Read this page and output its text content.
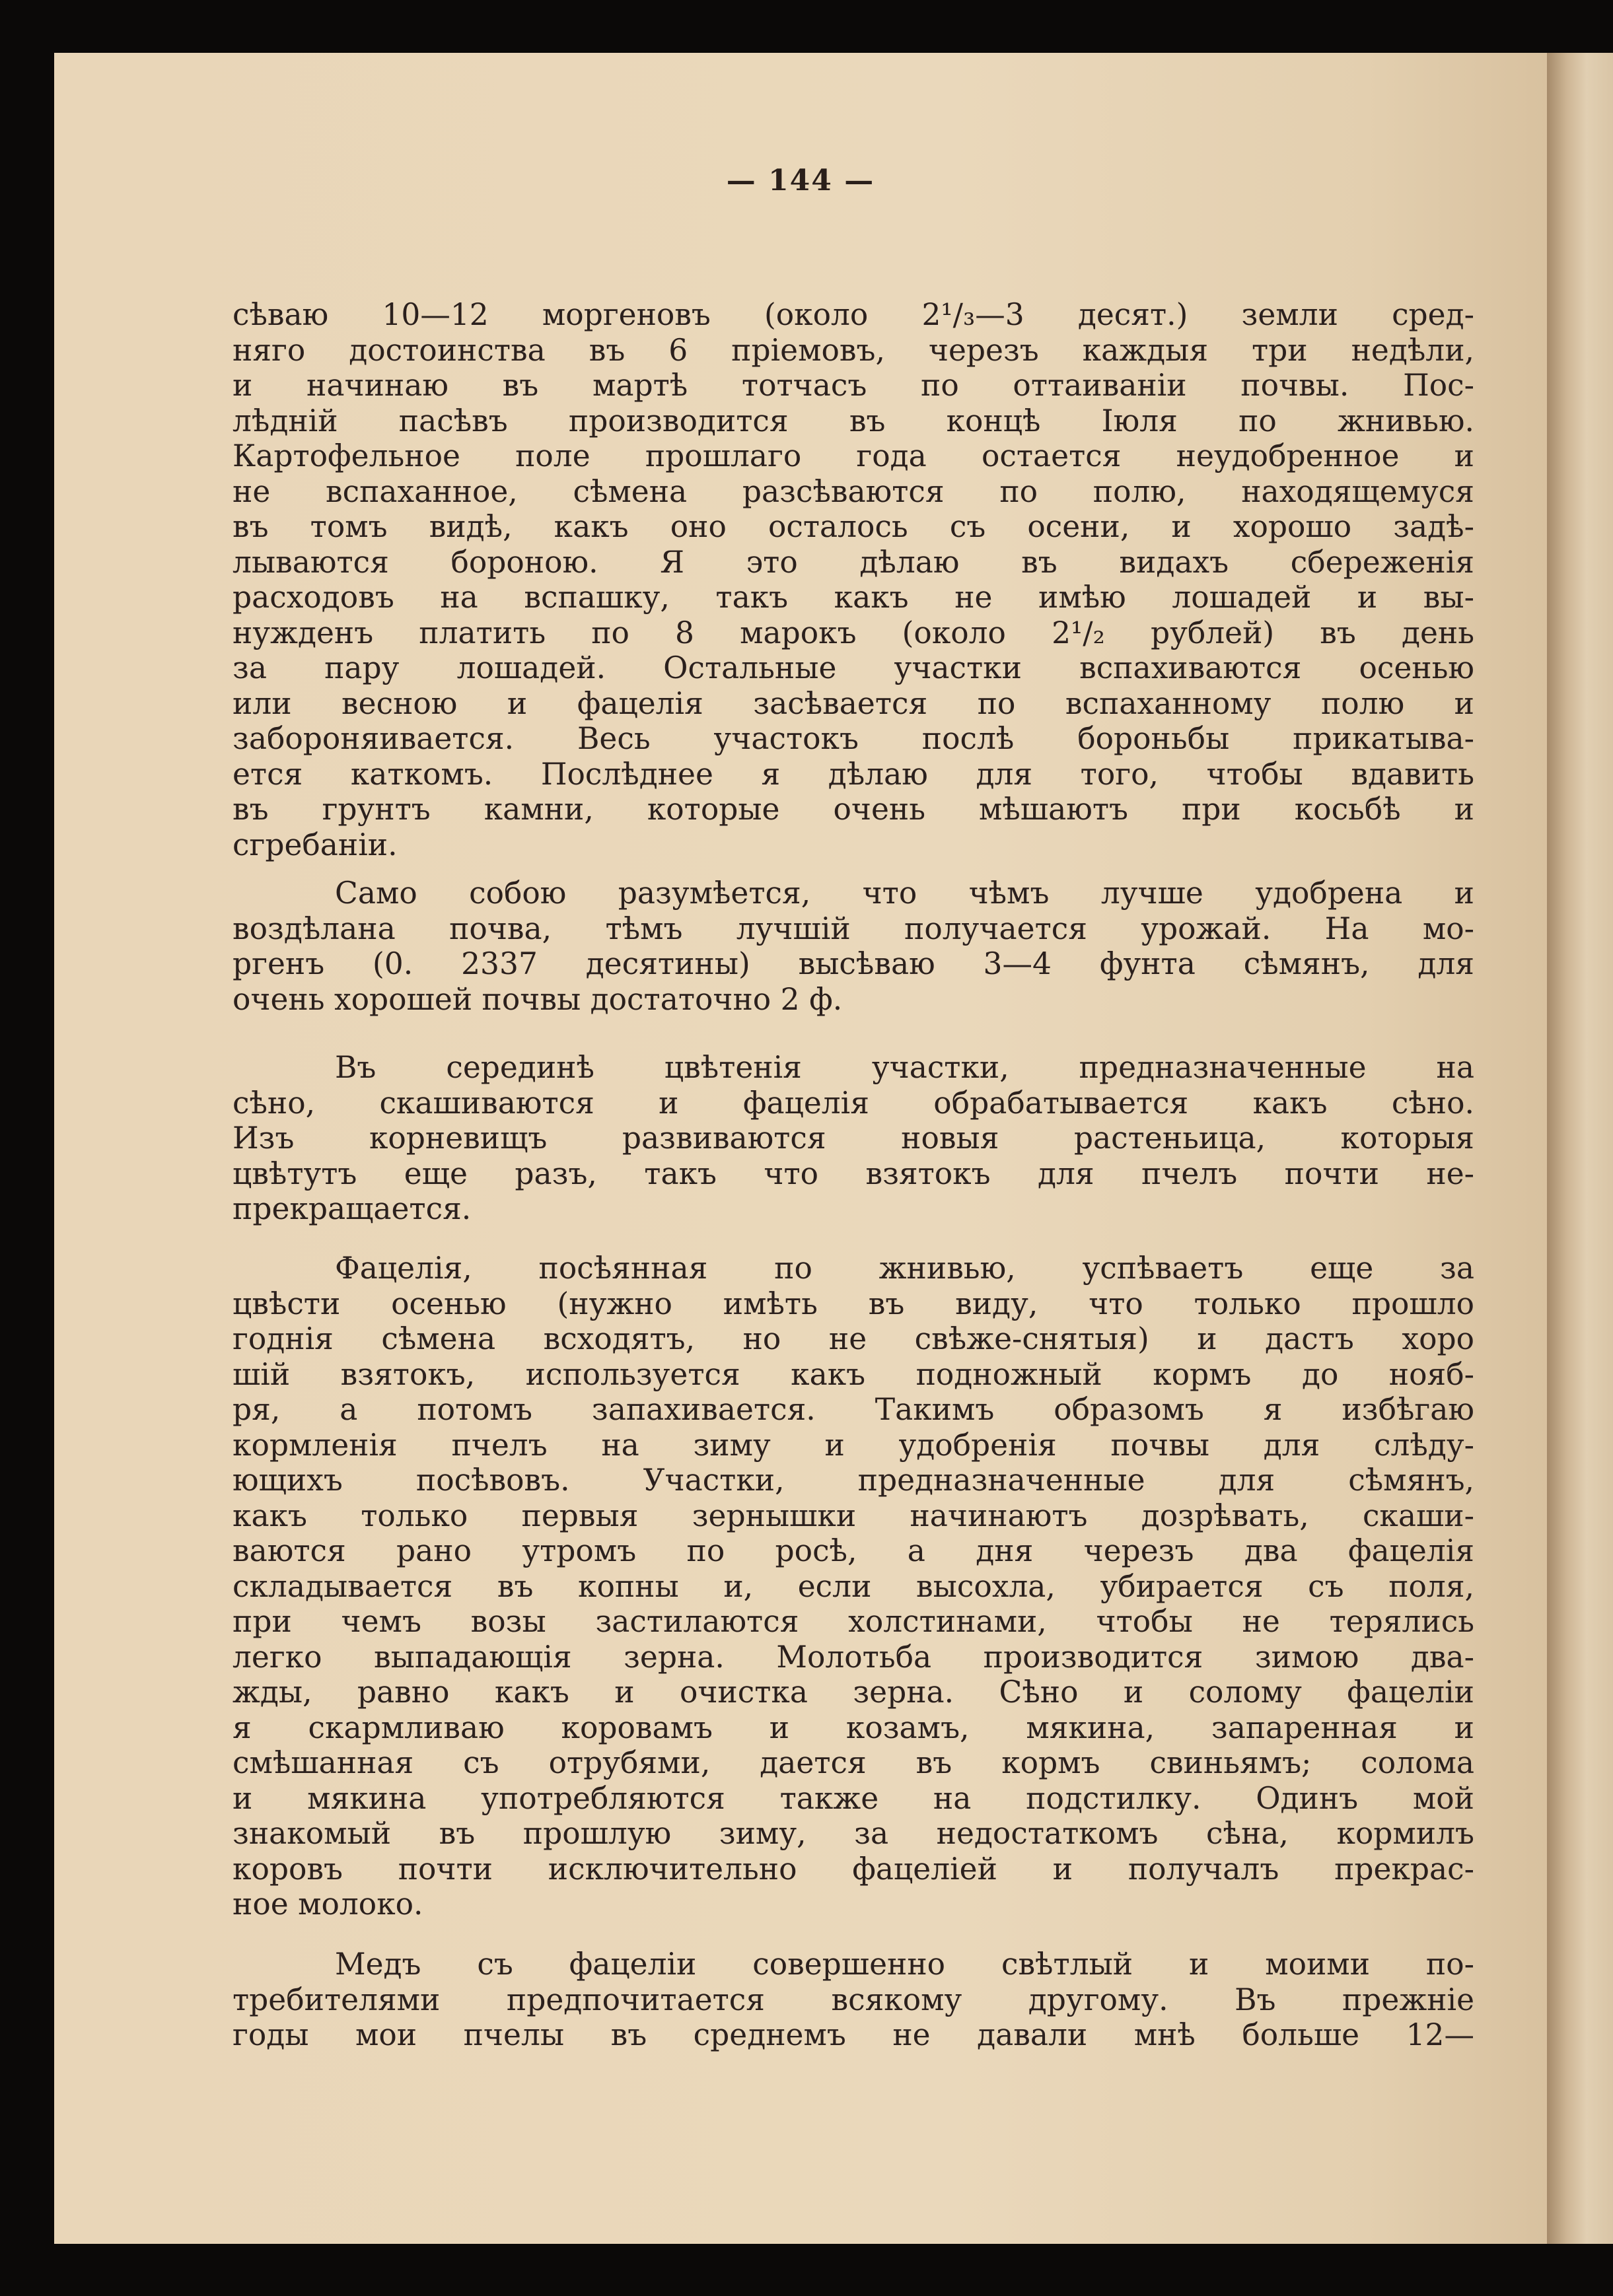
— 144 —
сѣваю 10—12 моргеновъ (около 2¹/₃—3 десят.) земли сред-
няго достоинства въ 6 пріемовъ, черезъ каждыя три недѣли,
и начинаю въ мартѣ тотчасъ по оттаиваніи почвы. Пос-
лѣдній пасѣвъ производится въ концѣ Іюля по жнивью.
Картофельное поле прошлаго года остается неудобренное и
не вспаханное, сѣмена разсѣваются по полю, находящемуся
въ томъ видѣ, какъ оно осталось съ осени, и хорошо задѣ-
лываются бороною. Я это дѣлаю въ видахъ сбереженія
расходовъ на вспашку, такъ какъ не имѣю лошадей и вы-
нужденъ платить по 8 марокъ (около 2¹/₂ рублей) въ день
за пару лошадей. Остальные участки вспахиваются осенью
или весною и фацелія засѣвается по вспаханному полю и
забороняивается. Весь участокъ послѣ бороньбы прикатыва-
ется каткомъ. Послѣднее я дѣлаю для того, чтобы вдавить
въ грунтъ камни, которые очень мѣшаютъ при косьбѣ и
сгребаніи.
Само собою разумѣется, что чѣмъ лучше удобрена и
воздѣлана почва, тѣмъ лучшій получается урожай. На мо-
ргенъ (0. 2337 десятины) высѣваю 3—4 фунта сѣмянъ, для
очень хорошей почвы достаточно 2 ф.
Въ серединѣ цвѣтенія участки, предназначенные на
сѣно, скашиваются и фацелія обрабатывается какъ сѣно.
Изъ корневищъ развиваются новыя растеньица, которыя
цвѣтутъ еще разъ, такъ что взятокъ для пчелъ почти не-
прекращается.
Фацелія, посѣянная по жнивью, успѣваетъ еще за
цвѣсти осенью (нужно имѣть въ виду, что только прошло
годнія сѣмена всходятъ, но не свѣже-снятыя) и дастъ хоро
шій взятокъ, используется какъ подножный кормъ до нояб-
ря, а потомъ запахивается. Такимъ образомъ я избѣгаю
кормленія пчелъ на зиму и удобренія почвы для слѣду-
ющихъ посѣвовъ. Участки, предназначенные для сѣмянъ,
какъ только первыя зернышки начинаютъ дозрѣвать, скаши-
ваются рано утромъ по росѣ, а дня черезъ два фацелія
складывается въ копны и, если высохла, убирается съ поля,
при чемъ возы застилаются холстинами, чтобы не терялись
легко выпадающія зерна. Молотьба производится зимою два-
жды, равно какъ и очистка зерна. Сѣно и солому фацеліи
я скармливаю коровамъ и козамъ, мякина, запаренная и
смѣшанная съ отрубями, дается въ кормъ свиньямъ; солома
и мякина употребляются также на подстилку. Одинъ мой
знакомый въ прошлую зиму, за недостаткомъ сѣна, кормилъ
коровъ почти исключительно фацеліей и получалъ прекрас-
ное молоко.
Медъ съ фацеліи совершенно свѣтлый и моими по-
требителями предпочитается всякому другому. Въ прежніе
годы мои пчелы въ среднемъ не давали мнѣ больше 12—
